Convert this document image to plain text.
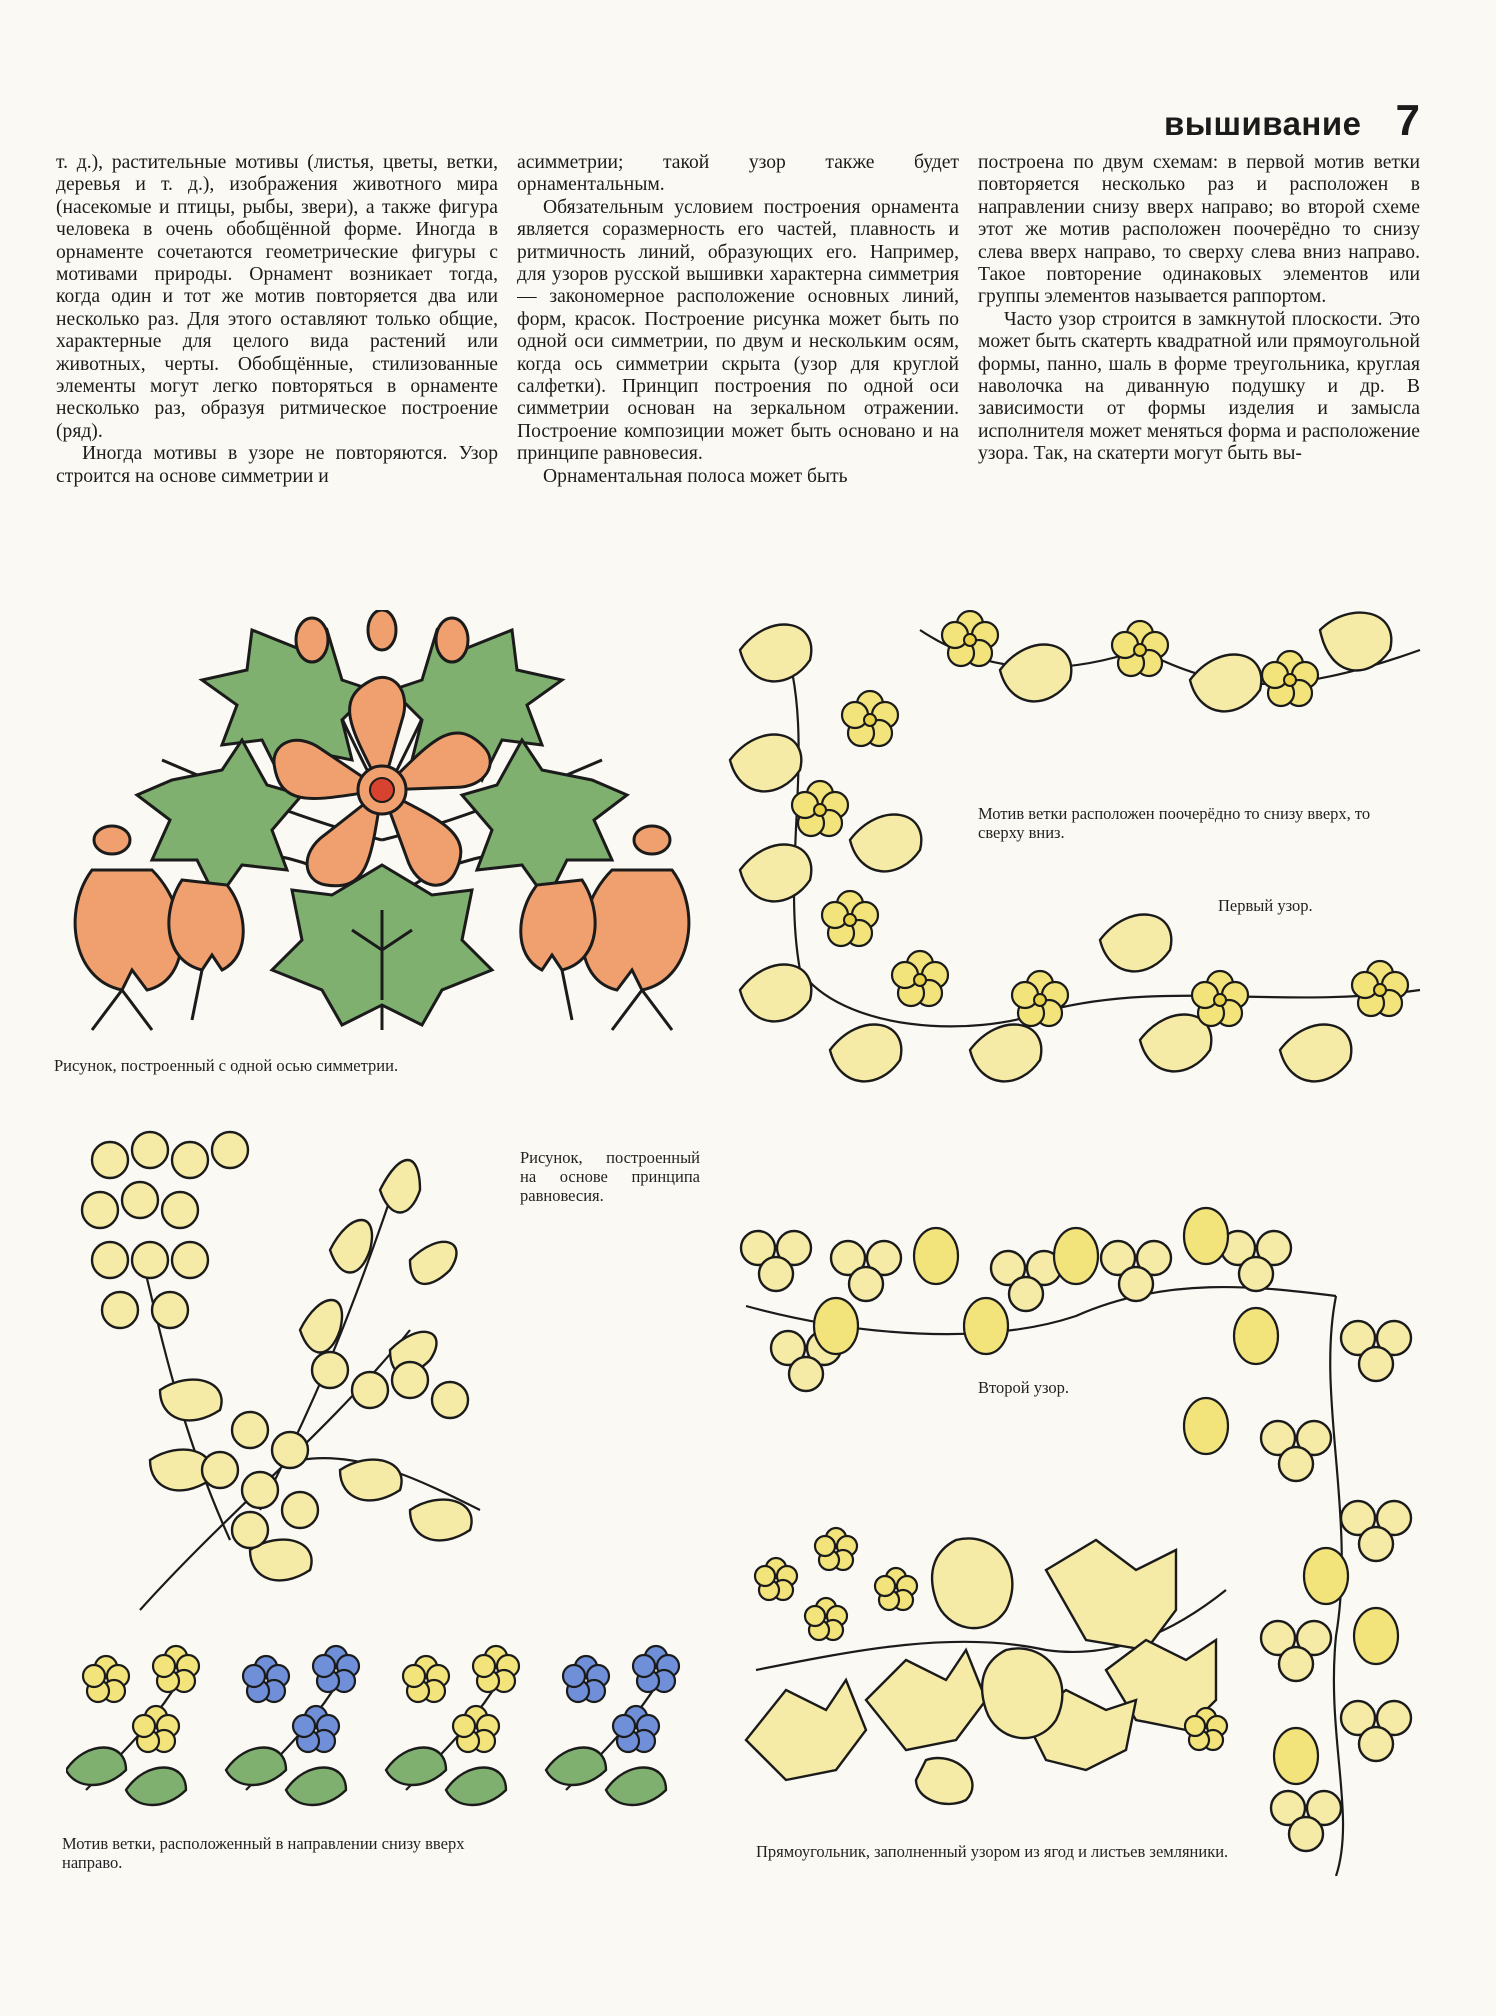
вышивание 7

т. д.), растительные мотивы (листья, цветы, ветки, деревья и т. д.), изображения животного мира (насекомые и птицы, рыбы, звери), а также фигура человека в очень обобщённой форме. Иногда в орнаменте сочетаются геометрические фигуры с мотивами природы. Орнамент возникает тогда, когда один и тот же мотив повторяется два или несколько раз. Для этого оставляют только общие, характерные для целого вида растений или животных, черты. Обобщённые, стилизованные элементы могут легко повторяться в орнаменте несколько раз, образуя ритмическое построение (ряд).

Иногда мотивы в узоре не повторяются. Узор строится на основе симметрии и

асимметрии; такой узор также будет орнаментальным.

Обязательным условием построения орнамента является соразмерность его частей, плавность и ритмичность линий, образующих его. Например, для узоров русской вышивки характерна симметрия — закономерное расположение основных линий, форм, красок. Построение рисунка может быть по одной оси симметрии, по двум и нескольким осям, когда ось симметрии скрыта (узор для круглой салфетки). Принцип построения по одной оси симметрии основан на зеркальном отражении. Построение композиции может быть основано и на принципе равновесия.

Орнаментальная полоса может быть

построена по двум схемам: в первой мотив ветки повторяется несколько раз и расположен в направлении снизу вверх направо; во второй схеме этот же мотив расположен поочерёдно то снизу слева вверх направо, то сверху слева вниз направо. Такое повторение одинаковых элементов или группы элементов называется раппортом.

Часто узор строится в замкнутой плоскости. Это может быть скатерть квадратной или прямоугольной формы, панно, шаль в форме треугольника, круглая наволочка на диванную подушку и др. В зависимости от формы изделия и замысла исполнителя может меняться форма и расположение узора. Так, на скатерти могут быть вы-

Рисунок, построенный с одной осью симметрии.
Мотив ветки расположен поочерёдно то снизу вверх, то сверху вниз.
Первый узор.
Рисунок, построенный на основе принципа равновесия.
Второй узор.
Прямоугольник, заполненный узором из ягод и листьев земляники.
Мотив ветки, расположенный в направлении снизу вверх направо.
